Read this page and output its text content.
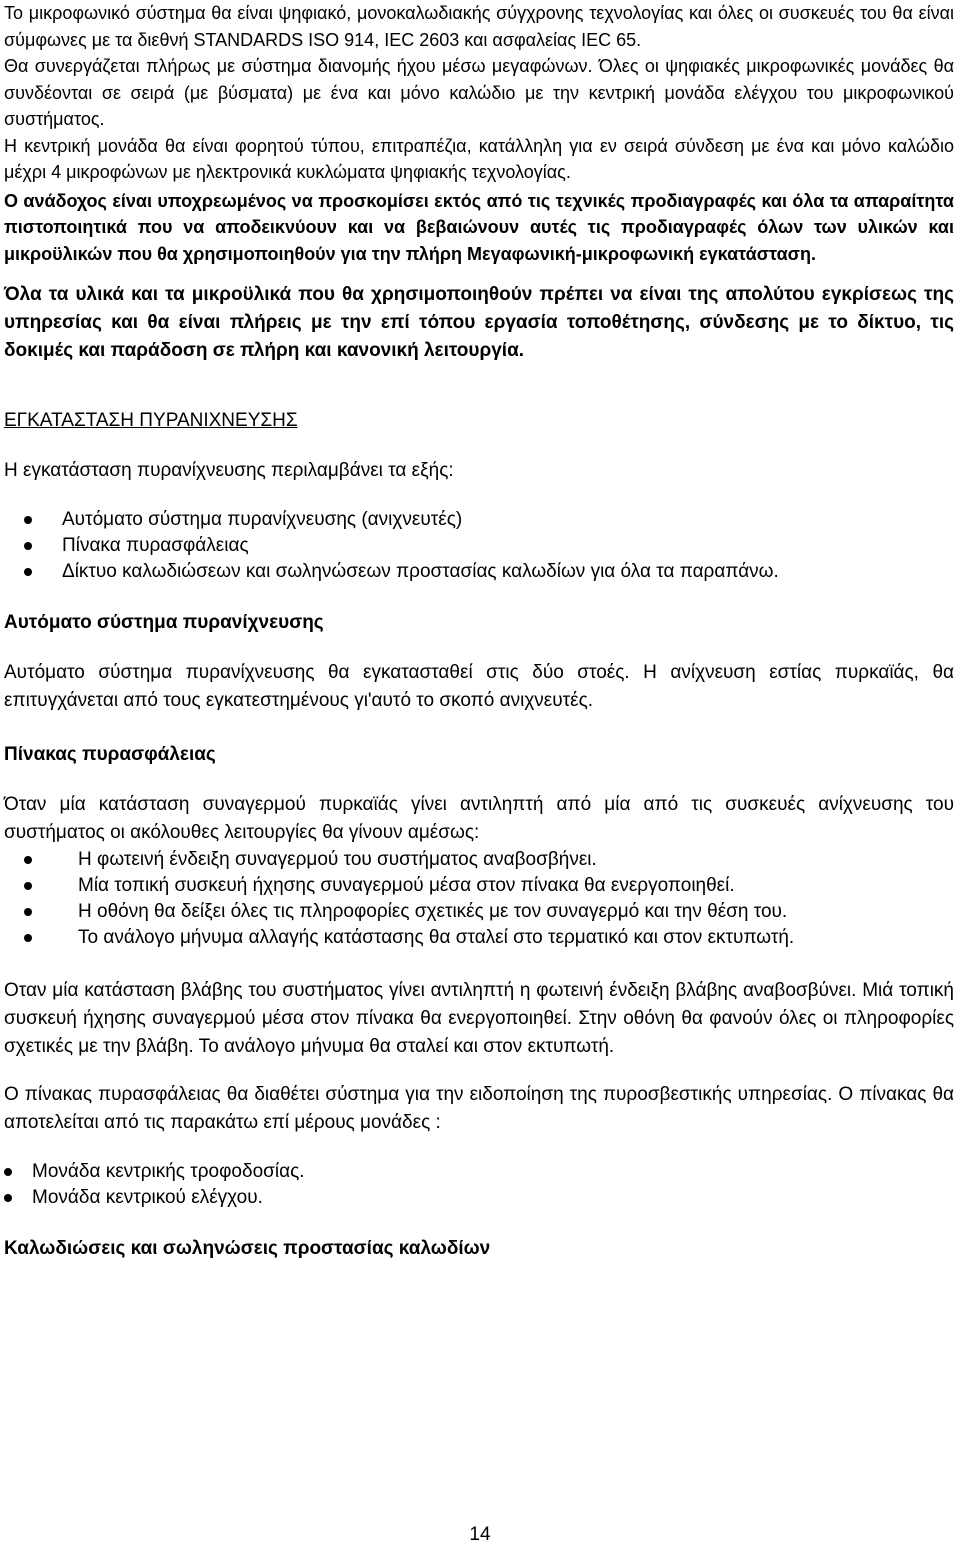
Το μικροφωνικό σύστημα θα είναι ψηφιακό, μονοκαλωδιακής σύγχρονης τεχνολογίας και όλες οι συσκευές του θα είναι σύμφωνες με τα διεθνή STANDARDS ISO 914, IEC 2603 και ασφαλείας IEC 65.
Θα συνεργάζεται πλήρως με σύστημα διανομής ήχου μέσω μεγαφώνων. Όλες οι ψηφιακές μικροφωνικές μονάδες θα συνδέονται σε σειρά (με βύσματα) με ένα και μόνο καλώδιο με την κεντρική μονάδα ελέγχου του μικροφωνικού συστήματος.
Η κεντρική μονάδα θα είναι φορητού τύπου, επιτραπέζια, κατάλληλη για εν σειρά σύνδεση με ένα και μόνο καλώδιο μέχρι 4 μικροφώνων με ηλεκτρονικά κυκλώματα ψηφιακής τεχνολογίας.
Ο ανάδοχος είναι υποχρεωμένος να προσκομίσει εκτός από τις τεχνικές προδιαγραφές και όλα τα απαραίτητα πιστοποιητικά που να αποδεικνύουν και να βεβαιώνουν αυτές τις προδιαγραφές όλων των υλικών και μικροϋλικών που θα χρησιμοποιηθούν για την πλήρη Μεγαφωνική-μικροφωνική εγκατάσταση.
Όλα τα υλικά και τα μικροϋλικά που θα χρησιμοποιηθούν πρέπει να είναι της απολύτου εγκρίσεως της υπηρεσίας και θα είναι πλήρεις με την επί τόπου εργασία τοποθέτησης, σύνδεσης με το δίκτυο, τις δοκιμές και παράδοση σε πλήρη και κανονική λειτουργία.
ΕΓΚΑΤΑΣΤΑΣΗ ΠΥΡΑΝΙΧΝΕΥΣΗΣ
Η εγκατάσταση πυρανίχνευσης περιλαμβάνει τα εξής:
Αυτόματο σύστημα πυρανίχνευσης (ανιχνευτές)
Πίνακα πυρασφάλειας
Δίκτυο καλωδιώσεων και σωληνώσεων προστασίας καλωδίων για όλα τα παραπάνω.
Αυτόματο σύστημα πυρανίχνευσης
Αυτόματο σύστημα πυρανίχνευσης θα εγκατασταθεί στις δύο στοές. Η ανίχνευση εστίας πυρκαϊάς, θα επιτυγχάνεται από τους εγκατεστημένους γι'αυτό το σκοπό ανιχνευτές.
Πίνακας πυρασφάλειας
Όταν μία κατάσταση συναγερμού πυρκαϊάς γίνει αντιληπτή από μία από τις συσκευές ανίχνευσης του συστήματος οι ακόλουθες λειτουργίες θα γίνουν αμέσως:
Η φωτεινή ένδειξη συναγερμού του συστήματος αναβοσβήνει.
Μία τοπική συσκευή ήχησης συναγερμού μέσα στον πίνακα θα ενεργοποιηθεί.
Η οθόνη θα δείξει όλες τις πληροφορίες σχετικές με τον συναγερμό και την θέση του.
Το ανάλογο μήνυμα αλλαγής κατάστασης θα σταλεί στο τερματικό και στον εκτυπωτή.
Οταν μία κατάσταση βλάβης του συστήματος γίνει αντιληπτή η φωτεινή ένδειξη βλάβης αναβοσβύνει. Μιά τοπική συσκευή ήχησης συναγερμού μέσα στον πίνακα θα ενεργοποιηθεί. Στην οθόνη θα φανούν όλες οι πληροφορίες σχετικές με την βλάβη. Το ανάλογο μήνυμα θα σταλεί και στον εκτυπωτή.
Ο πίνακας πυρασφάλειας θα διαθέτει σύστημα για την ειδοποίηση της πυροσβεστικής υπηρεσίας. Ο πίνακας θα αποτελείται από τις παρακάτω επί μέρους μονάδες :
Μονάδα κεντρικής τροφοδοσίας.
Μονάδα κεντρικού ελέγχου.
Καλωδιώσεις και σωληνώσεις προστασίας καλωδίων
14
